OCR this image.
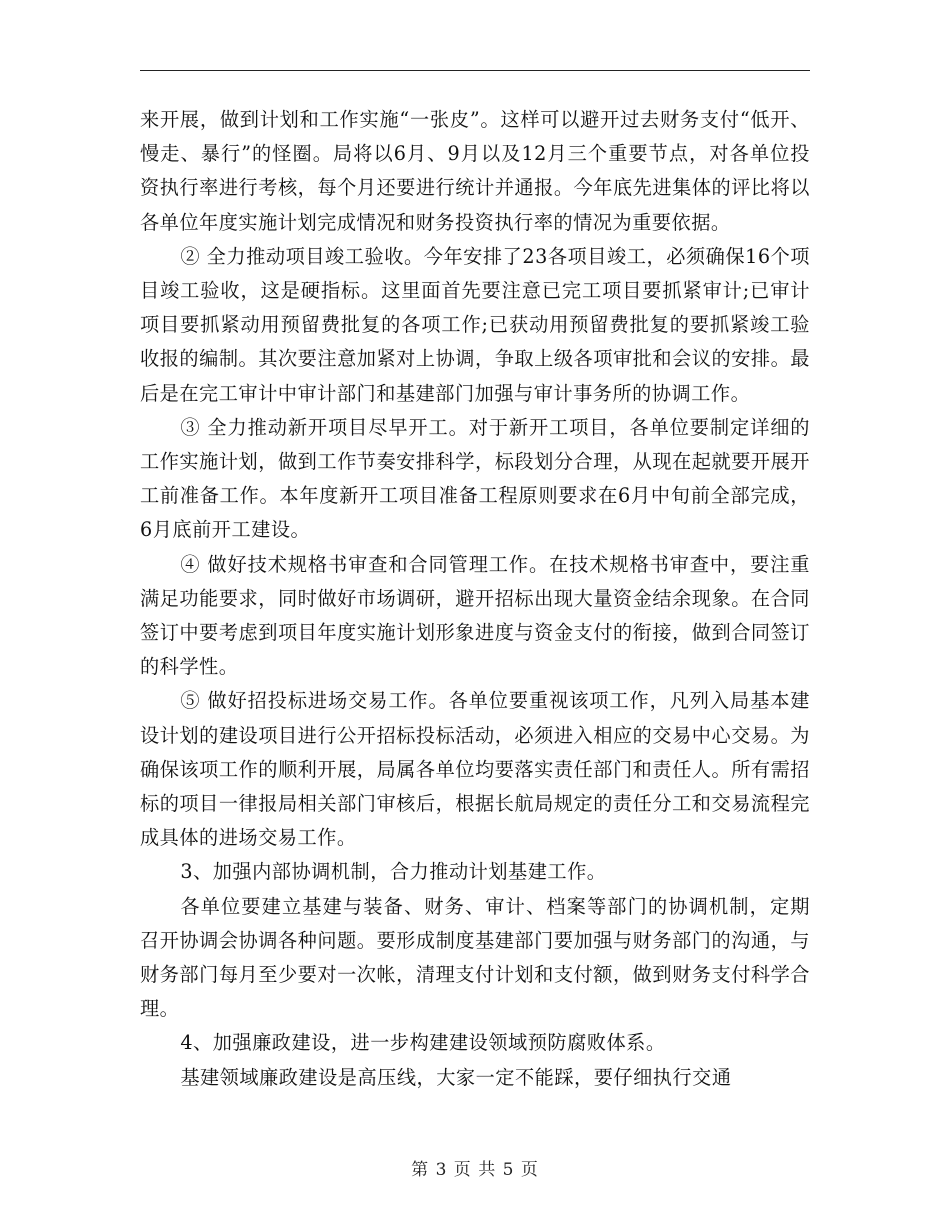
来开展，做到计划和工作实施“一张皮”。这样可以避开过去财务支付“低开、慢走、暴行”的怪圈。局将以6月、9月以及12月三个重要节点，对各单位投资执行率进行考核，每个月还要进行统计并通报。今年底先进集体的评比将以各单位年度实施计划完成情况和财务投资执行率的情况为重要依据。

② 全力推动项目竣工验收。今年安排了23各项目竣工，必须确保16个项目竣工验收，这是硬指标。这里面首先要注意已完工项目要抓紧审计;已审计项目要抓紧动用预留费批复的各项工作;已获动用预留费批复的要抓紧竣工验收报的编制。其次要注意加紧对上协调，争取上级各项审批和会议的安排。最后是在完工审计中审计部门和基建部门加强与审计事务所的协调工作。

③ 全力推动新开项目尽早开工。对于新开工项目，各单位要制定详细的工作实施计划，做到工作节奏安排科学，标段划分合理，从现在起就要开展开工前准备工作。本年度新开工项目准备工程原则要求在6月中旬前全部完成，6月底前开工建设。

④ 做好技术规格书审查和合同管理工作。在技术规格书审查中，要注重满足功能要求，同时做好市场调研，避开招标出现大量资金结余现象。在合同签订中要考虑到项目年度实施计划形象进度与资金支付的衔接，做到合同签订的科学性。

⑤ 做好招投标进场交易工作。各单位要重视该项工作，凡列入局基本建设计划的建设项目进行公开招标投标活动，必须进入相应的交易中心交易。为确保该项工作的顺利开展，局属各单位均要落实责任部门和责任人。所有需招标的项目一律报局相关部门审核后，根据长航局规定的责任分工和交易流程完成具体的进场交易工作。

3、加强内部协调机制，合力推动计划基建工作。

各单位要建立基建与装备、财务、审计、档案等部门的协调机制，定期召开协调会协调各种问题。要形成制度基建部门要加强与财务部门的沟通，与财务部门每月至少要对一次帐，清理支付计划和支付额，做到财务支付科学合理。

4、加强廉政建设，进一步构建建设领域预防腐败体系。

基建领域廉政建设是高压线，大家一定不能踩，要仔细执行交通

第 3 页 共 5 页
